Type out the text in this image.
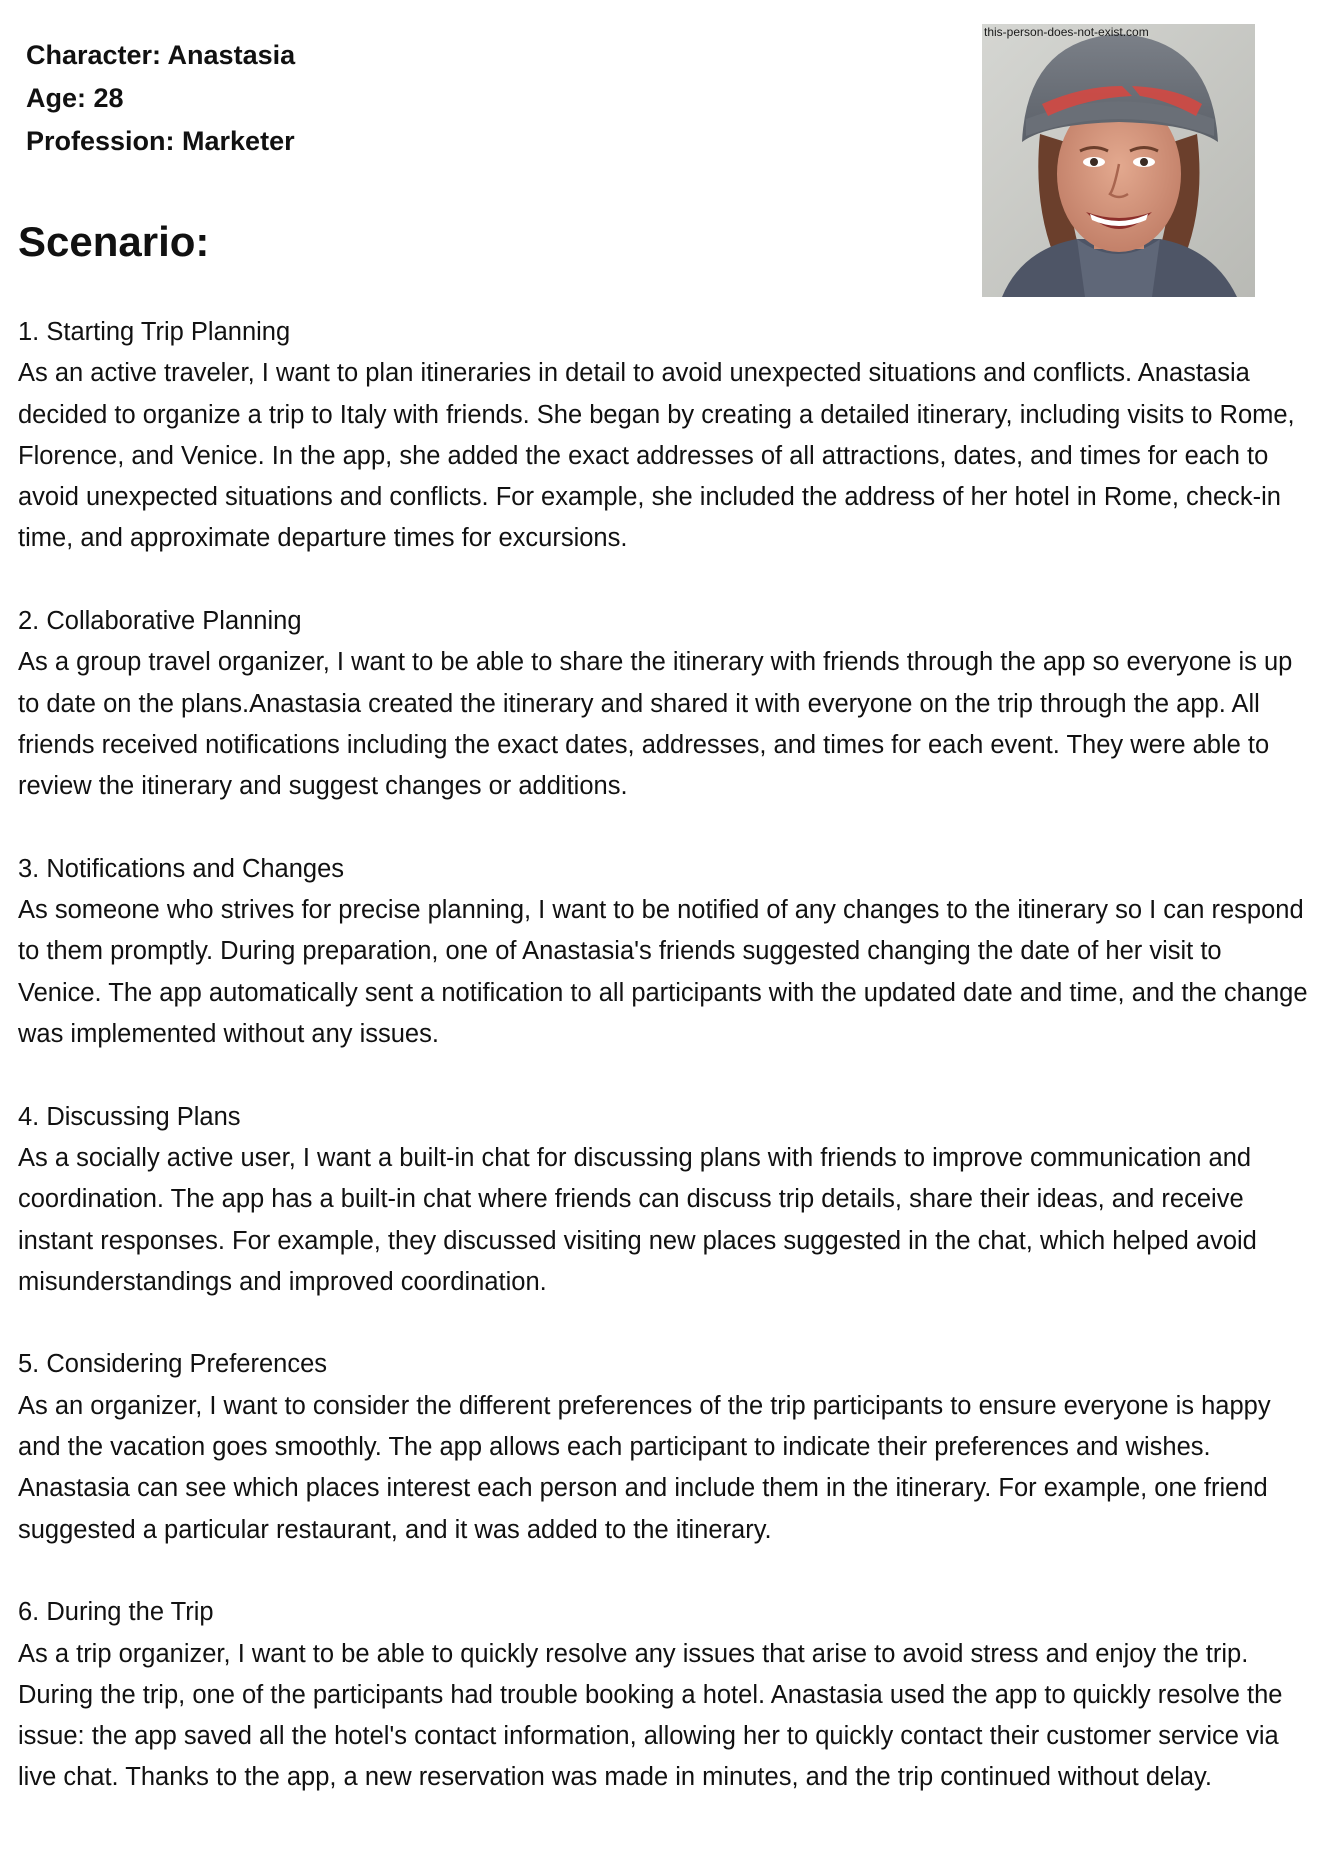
Character: Anastasia
Age: 28
Profession: Marketer
this-person-does-not-exist.com
Scenario:
1. Starting Trip Planning
As an active traveler, I want to plan itineraries in detail to avoid unexpected situations and conflicts. Anastasia decided to organize a trip to Italy with friends. She began by creating a detailed itinerary, including visits to Rome, Florence, and Venice. In the app, she added the exact addresses of all attractions, dates, and times for each to avoid unexpected situations and conflicts. For example, she included the address of her hotel in Rome, check-in time, and approximate departure times for excursions.
2. Collaborative Planning
As a group travel organizer, I want to be able to share the itinerary with friends through the app so everyone is up to date on the plans.Anastasia created the itinerary and shared it with everyone on the trip through the app. All friends received notifications including the exact dates, addresses, and times for each event. They were able to review the itinerary and suggest changes or additions.
3. Notifications and Changes
As someone who strives for precise planning, I want to be notified of any changes to the itinerary so I can respond to them promptly. During preparation, one of Anastasia's friends suggested changing the date of her visit to Venice. The app automatically sent a notification to all participants with the updated date and time, and the change was implemented without any issues.
4. Discussing Plans
As a socially active user, I want a built-in chat for discussing plans with friends to improve communication and coordination. The app has a built-in chat where friends can discuss trip details, share their ideas, and receive instant responses. For example, they discussed visiting new places suggested in the chat, which helped avoid misunderstandings and improved coordination.
5. Considering Preferences
As an organizer, I want to consider the different preferences of the trip participants to ensure everyone is happy and the vacation goes smoothly. The app allows each participant to indicate their preferences and wishes. Anastasia can see which places interest each person and include them in the itinerary. For example, one friend suggested a particular restaurant, and it was added to the itinerary.
6. During the Trip
As a trip organizer, I want to be able to quickly resolve any issues that arise to avoid stress and enjoy the trip. During the trip, one of the participants had trouble booking a hotel. Anastasia used the app to quickly resolve the issue: the app saved all the hotel's contact information, allowing her to quickly contact their customer service via live chat. Thanks to the app, a new reservation was made in minutes, and the trip continued without delay.
